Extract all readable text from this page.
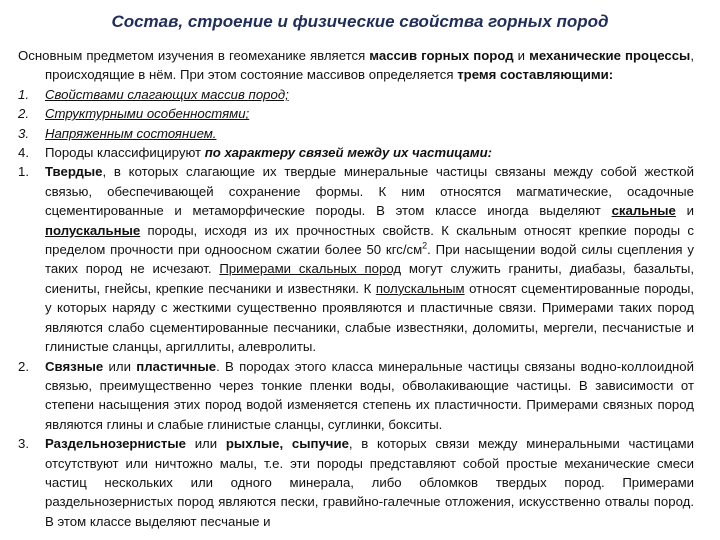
Состав, строение и физические свойства горных пород
Основным предметом изучения в геомеханике является массив горных пород и механические процессы, происходящие в нём. При этом состояние массивов определяется тремя составляющими:
1. Свойствами слагающих массив пород;
2. Структурными особенностями;
3. Напряженным состоянием.
4. Породы классифицируют по характеру связей между их частицами:
1. Твердые, в которых слагающие их твердые минеральные частицы связаны между собой жесткой связью, обеспечивающей сохранение формы. К ним относятся магматические, осадочные сцементированные и метаморфические породы. В этом классе иногда выделяют скальные и полускальные породы, исходя из их прочностных свойств. К скальным относят крепкие породы с пределом прочности при одноосном сжатии более 50 кгс/$см^2$. При насыщении водой силы сцепления у таких пород не исчезают. Примерами скальных пород могут служить граниты, диабазы, базальты, сиениты, гнейсы, крепкие песчаники и известняки. К полускальным относят сцементированные породы, у которых наряду с жесткими существенно проявляются и пластичные связи. Примерами таких пород являются слабо сцементированные песчаники, слабые известняки, доломиты, мергели, песчанистые и глинистые сланцы, аргиллиты, алевролиты.
2. Связные или пластичные. В породах этого класса минеральные частицы связаны водно-коллоидной связью, преимущественно через тонкие пленки воды, обволакивающие частицы. В зависимости от степени насыщения этих пород водой изменяется степень их пластичности. Примерами связных пород являются глины и слабые глинистые сланцы, суглинки, бокситы.
3. Раздельнозернистые или рыхлые, сыпучие, в которых связи между минеральными частицами отсутствуют или ничтожно малы, т.е. эти породы представляют собой простые механические смеси частиц нескольких или одного минерала, либо обломков твердых пород. Примерами раздельнозернистых пород являются пески, гравийно-галечные отложения, искусственно отвалы пород. В этом классе выделяют песчаные и
